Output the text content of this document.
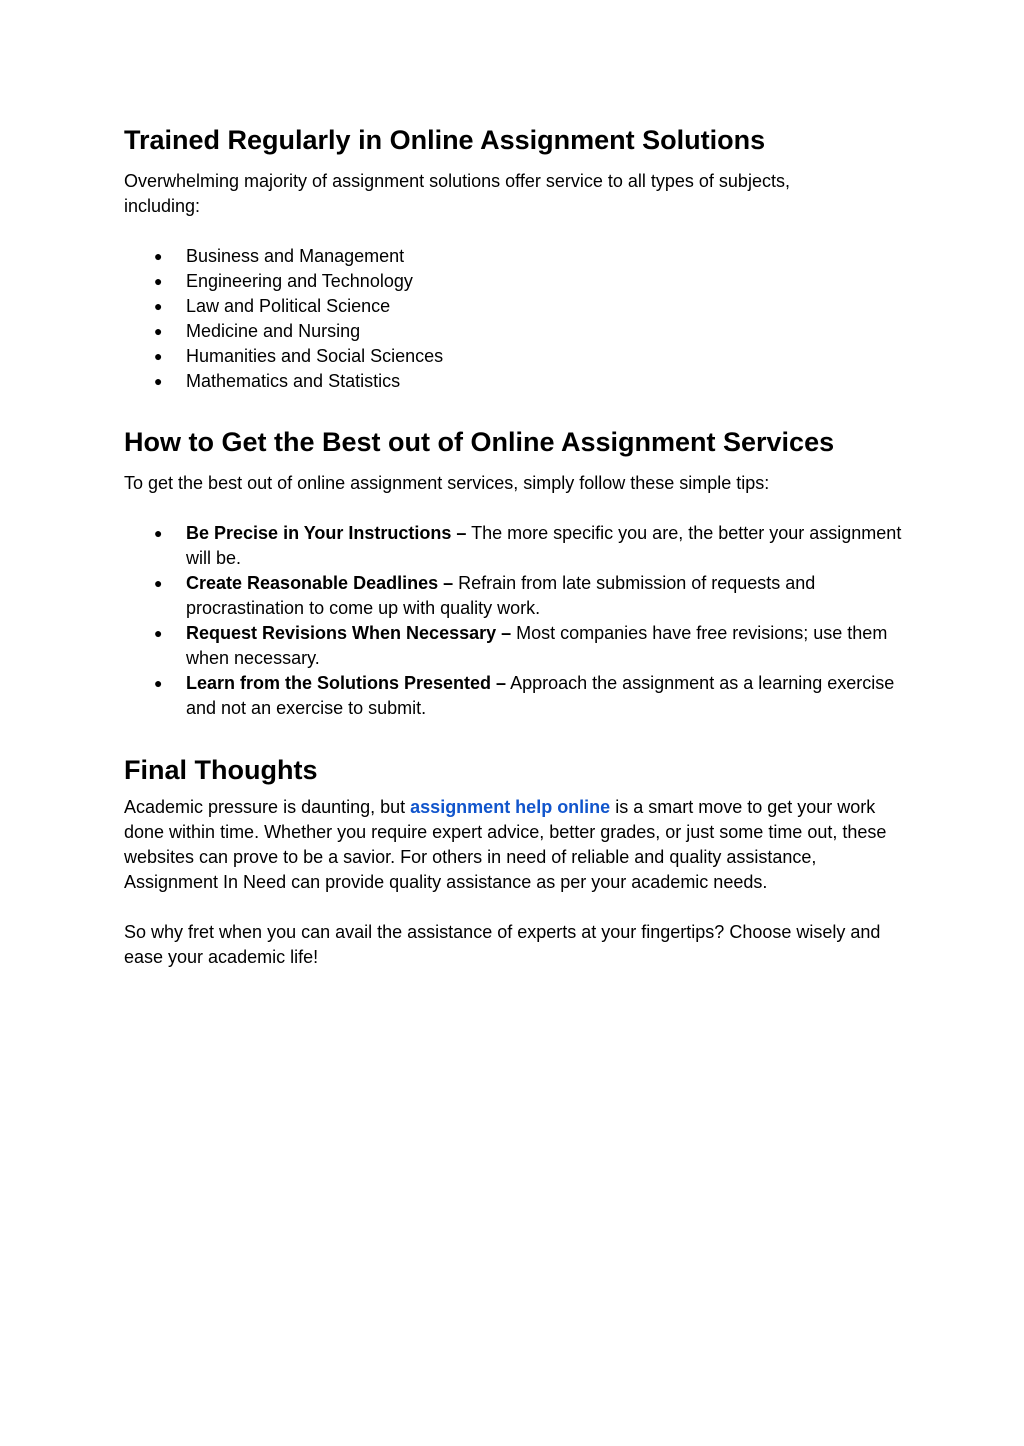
Trained Regularly in Online Assignment Solutions

Overwhelming majority of assignment solutions offer service to all types of subjects, including:

● Business and Management
● Engineering and Technology
● Law and Political Science
● Medicine and Nursing
● Humanities and Social Sciences
● Mathematics and Statistics
How to Get the Best out of Online Assignment Services

To get the best out of online assignment services, simply follow these simple tips:

● Be Precise in Your Instructions – The more specific you are, the better your assignment will be.
● Create Reasonable Deadlines – Refrain from late submission of requests and procrastination to come up with quality work.
● Request Revisions When Necessary – Most companies have free revisions; use them when necessary.
● Learn from the Solutions Presented – Approach the assignment as a learning exercise and not an exercise to submit.
Final Thoughts

Academic pressure is daunting, but assignment help online is a smart move to get your work done within time. Whether you require expert advice, better grades, or just some time out, these websites can prove to be a savior. For others in need of reliable and quality assistance, Assignment In Need can provide quality assistance as per your academic needs.

So why fret when you can avail the assistance of experts at your fingertips? Choose wisely and ease your academic life!
